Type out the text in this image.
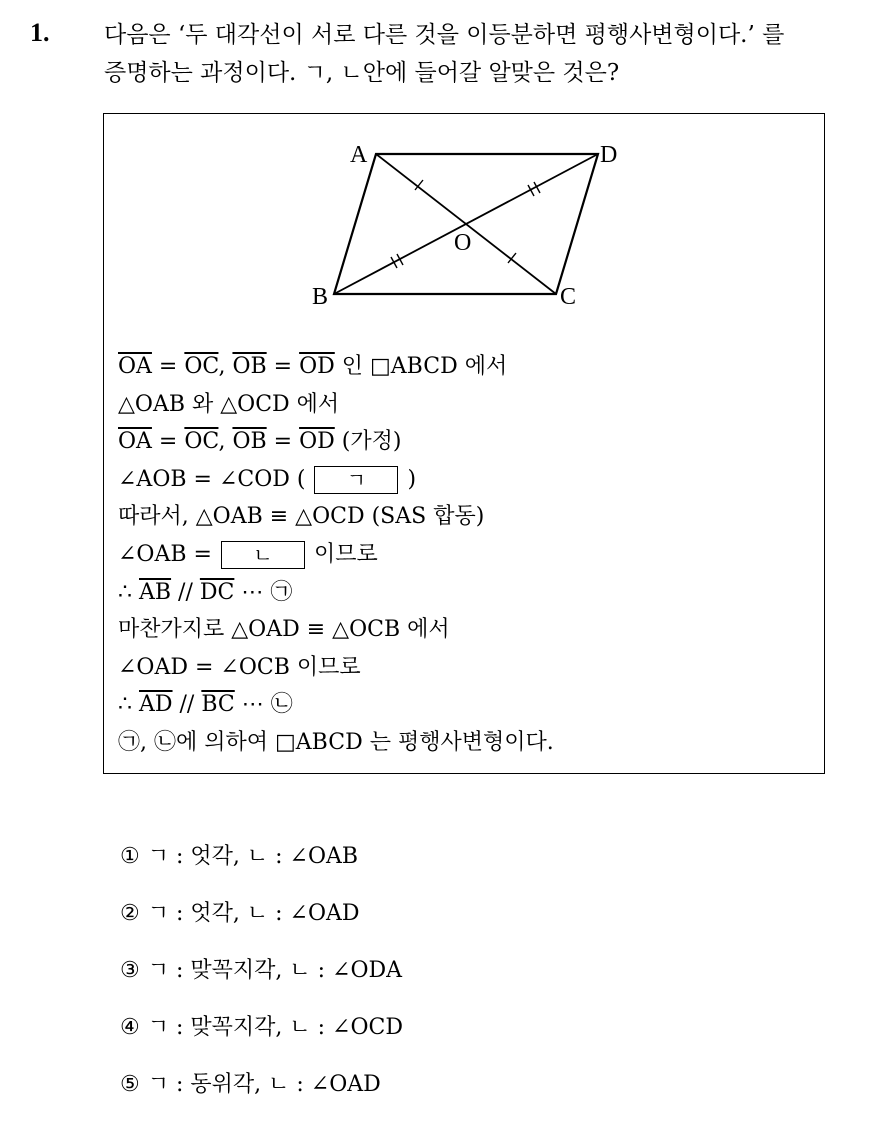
1. 다음은 ‘두 대각선이 서로 다른 것을 이등분하면 평행사변형이다.’ 를
증명하는 과정이다. ㄱ, ㄴ안에 들어갈 알맞은 것은?
A	D
B	C
O
$\overline{OA} = \overline{OC}$, $\overline{OB} = \overline{OD}$ 인 □ABCD 에서
△OAB 와 △OCD 에서
$\overline{OA} = \overline{OC}$, $\overline{OB} = \overline{OD}$ (가정)
∠AOB = ∠COD ( ㄱ )
따라서, △OAB ≡ △OCD (SAS 합동)
∠OAB = ㄴ 이므로
∴ $\overline{AB} // \overline{DC}$ ⋯ ㉠
마찬가지로 △OAD ≡ △OCB 에서
∠OAD = ∠OCB 이므로
∴ $\overline{AD} // \overline{BC}$ ⋯ ㉡
㉠, ㉡에 의하여 □ABCD 는 평행사변형이다.
① ㄱ : 엇각, ㄴ : ∠OAB
② ㄱ : 엇각, ㄴ : ∠OAD
③ ㄱ : 맞꼭지각, ㄴ : ∠ODA
④ ㄱ : 맞꼭지각, ㄴ : ∠OCD
⑤ ㄱ : 동위각, ㄴ : ∠OAD
